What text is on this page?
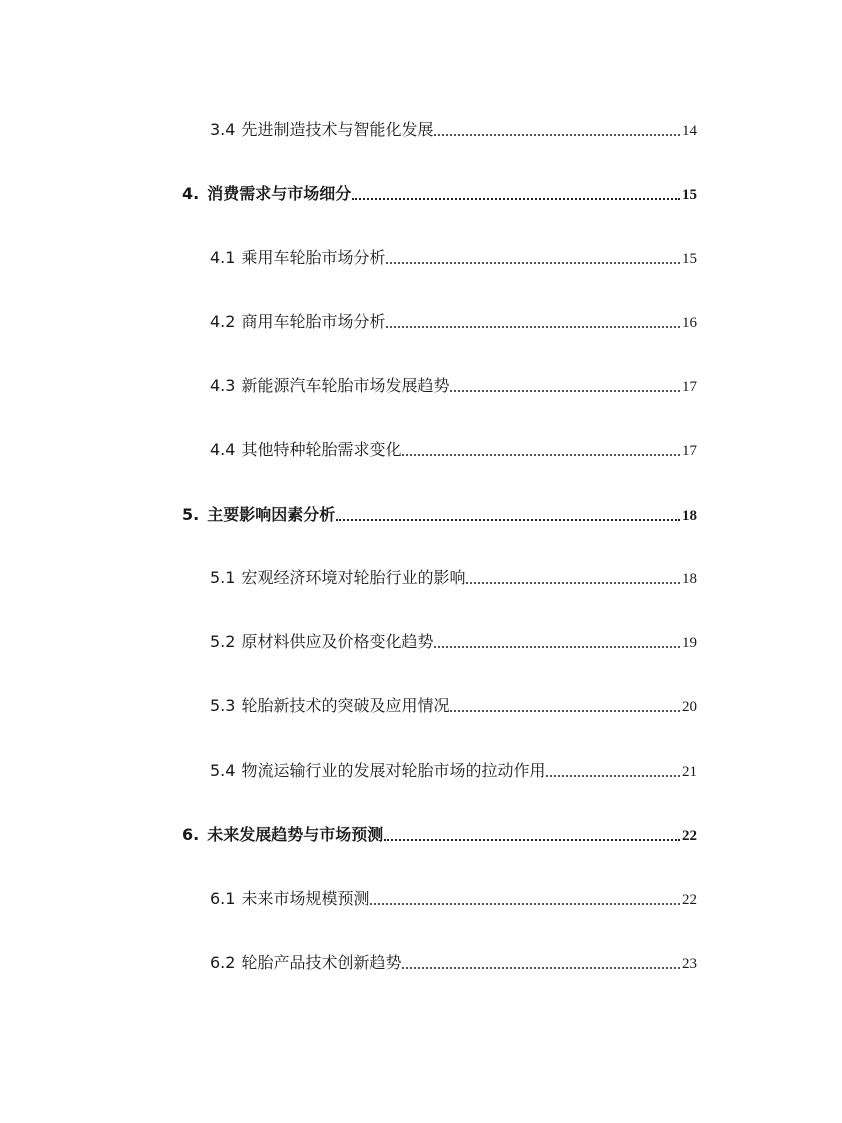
3.4 先进制造技术与智能化发展	14
4. 消费需求与市场细分	15
4.1 乘用车轮胎市场分析	15
4.2 商用车轮胎市场分析	16
4.3 新能源汽车轮胎市场发展趋势	17
4.4 其他特种轮胎需求变化	17
5. 主要影响因素分析	18
5.1 宏观经济环境对轮胎行业的影响	18
5.2 原材料供应及价格变化趋势	19
5.3 轮胎新技术的突破及应用情况	20
5.4 物流运输行业的发展对轮胎市场的拉动作用	21
6. 未来发展趋势与市场预测	22
6.1 未来市场规模预测	22
6.2 轮胎产品技术创新趋势	23
